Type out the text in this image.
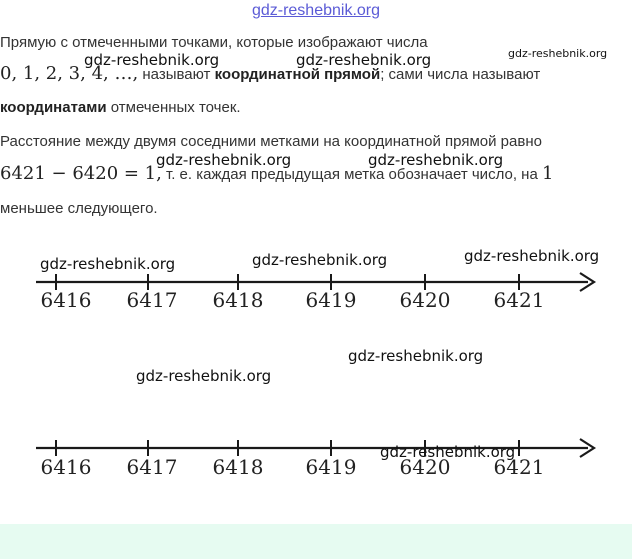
gdz-reshebnik.org

Прямую с отмеченными точками, которые изображают числа

0, 1, 2, 3, 4, …, называют координатной прямой; сами числа называют

координатами отмеченных точек.

Расстояние между двумя соседними метками на координатной прямой равно

6421 − 6420 = 1, т. е. каждая предыдущая метка обозначает число, на 1

меньшее следующего.

6416 6417 6418 6419 6420 6421
6416 6417 6418 6419 6420 6421
gdz-reshebnik.org	gdz-reshebnik.org	gdz-reshebnik.org
gdz-reshebnik.org	gdz-reshebnik.org
gdz-reshebnik.org	gdz-reshebnik.org	gdz-reshebnik.org
gdz-reshebnik.org
gdz-reshebnik.org
gdz-reshebnik.org
